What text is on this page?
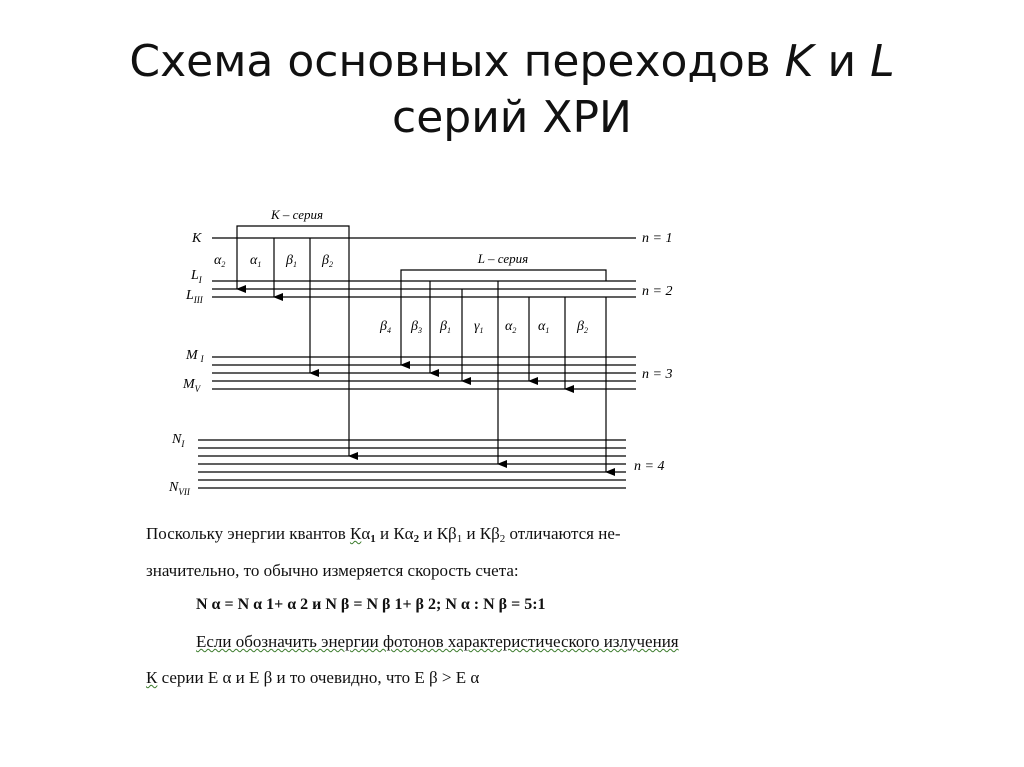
Схема основных переходов K и L
серий ХРИ
K – серия
L – серия
K
$L_I$
$L_{III}$
M $_I$
$M_V$
$N_I$
$N_{VII}$
n = 1
n = 2
n = 3
n = 4
$\alpha_2$ $\alpha_1$ $\beta_1$ $\beta_2$
$\beta_4$ $\beta_3$ $\beta_1$ $\gamma_1$ $\alpha_2$ $\alpha_1$ $\beta_2$
Поскольку энергии квантов $К\alpha_1$ и $К\alpha_2$ и $К\beta_1$ и $К\beta_2$ отличаются не-
значительно, то обычно измеряется скорость счета:
N α = N α 1+ α 2 и N β = N β 1+ β 2; N α : N β = 5:1
Если обозначить энергии фотонов характеристического излучения
К серии Е α и Е β и то очевидно, что Е β > Е α
